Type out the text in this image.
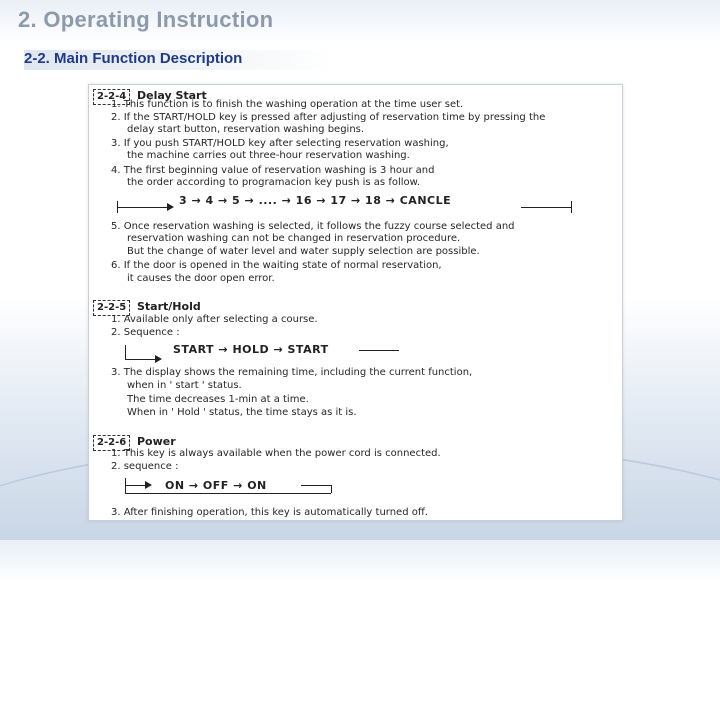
2. Operating Instruction
2-2. Main Function Description
2-2-4 Delay Start
1. This function is to finish the washing operation at the time user set.
2. If the START/HOLD key is pressed after adjusting of reservation time by pressing the
delay start button, reservation washing begins.
3. If you push START/HOLD key after selecting reservation washing,
the machine carries out three-hour reservation washing.
4. The first beginning value of reservation washing is 3 hour and
the order according to programacion key push is as follow.
3 → 4 → 5 → .... → 16 → 17 → 18 → CANCLE
5. Once reservation washing is selected, it follows the fuzzy course selected and
reservation washing can not be changed in reservation procedure.
But the change of water level and water supply selection are possible.
6. If the door is opened in the waiting state of normal reservation,
it causes the door open error.
2-2-5 Start/Hold
1. Available only after selecting a course.
2. Sequence :
START → HOLD → START
3. The display shows the remaining time, including the current function,
when in ' start ' status.
The time decreases 1-min at a time.
When in ' Hold ' status, the time stays as it is.
2-2-6 Power
1. This key is always available when the power cord is connected.
2. sequence :
ON → OFF → ON
3. After finishing operation, this key is automatically turned off.
